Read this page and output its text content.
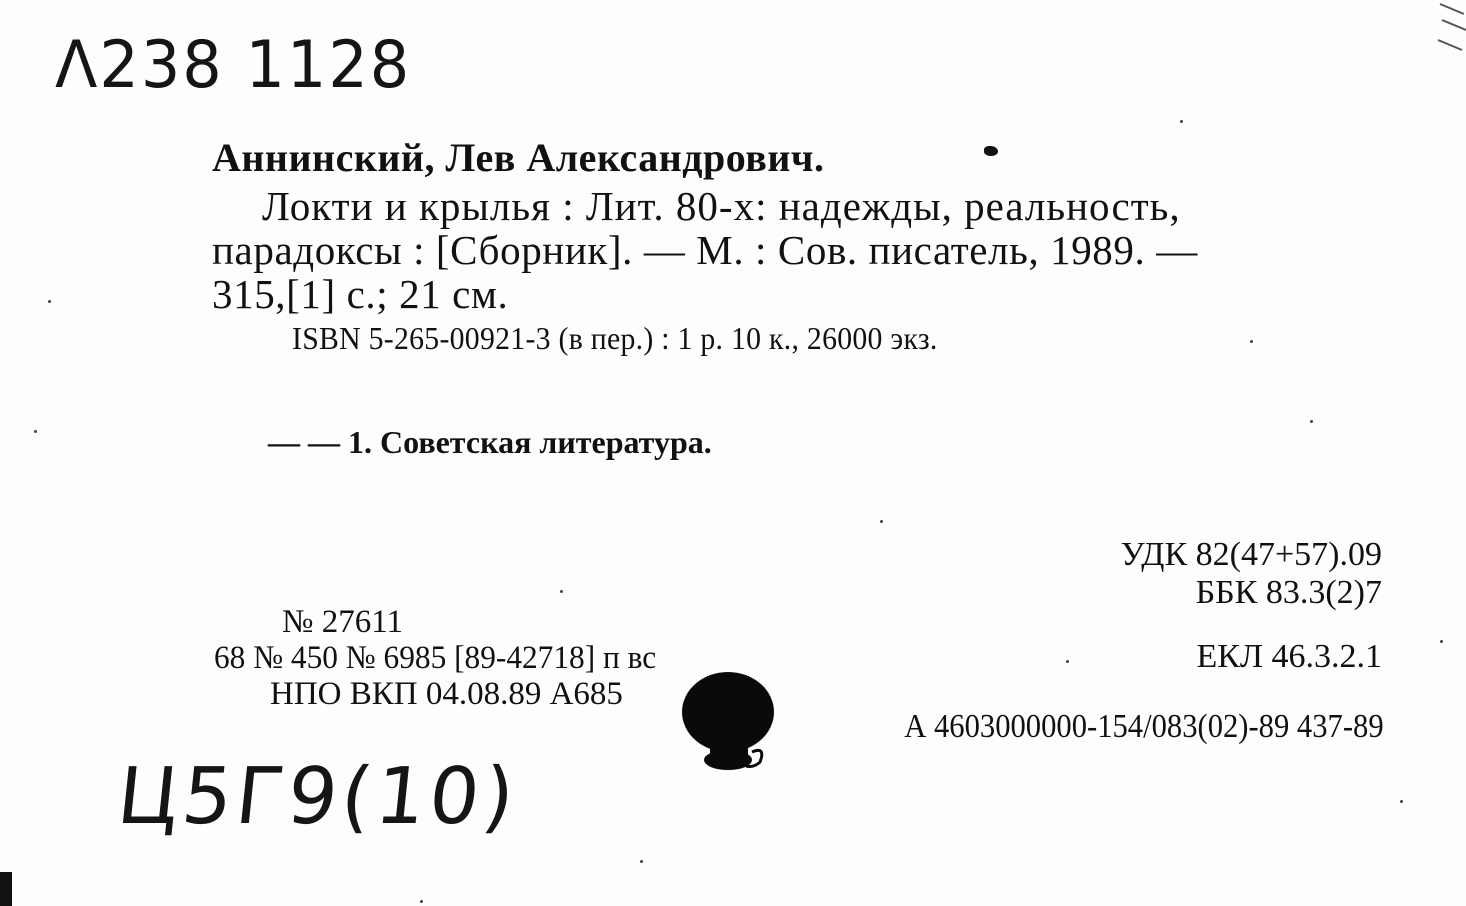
Λ238 1128
Аннинский, Лев Александрович.
Локти и крылья : Лит. 80-х: надежды, реальность,
парадоксы : [Сборник]. — М. : Сов. писатель, 1989. —
315,[1] с.; 21 см.
ISBN 5-265-00921-3 (в пер.) : 1 р. 10 к., 26000 экз.
— — 1. Советская литература.
УДК 82(47+57).09
ББК 83.3(2)7
ЕКЛ 46.3.2.1
№ 27611
68 № 450 № 6985 [89-42718] п вс
НПО ВКП 04.08.89 А685
А 4603000000-154/083(02)-89 437-89
Ц5Г9(10)
